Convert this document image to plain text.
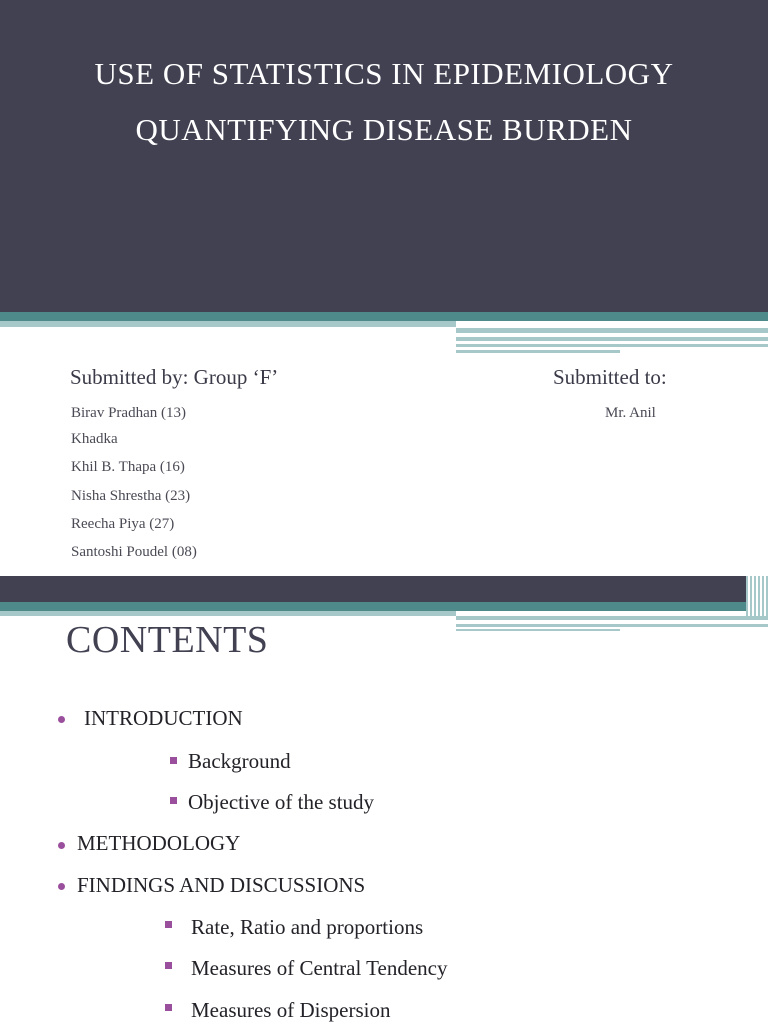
USE OF STATISTICS IN EPIDEMIOLOGY
QUANTIFYING DISEASE BURDEN
Submitted by: Group ‘F’	Submitted to:
Birav Pradhan (13)
Khadka
Khil B. Thapa (16)
Nisha Shrestha (23)
Reecha Piya (27)
Santoshi Poudel (08)
Mr. Anil
CONTENTS
INTRODUCTION
Background
Objective of the study
METHODOLOGY
FINDINGS AND DISCUSSIONS
Rate, Ratio and proportions
Measures of Central Tendency
Measures of Dispersion
